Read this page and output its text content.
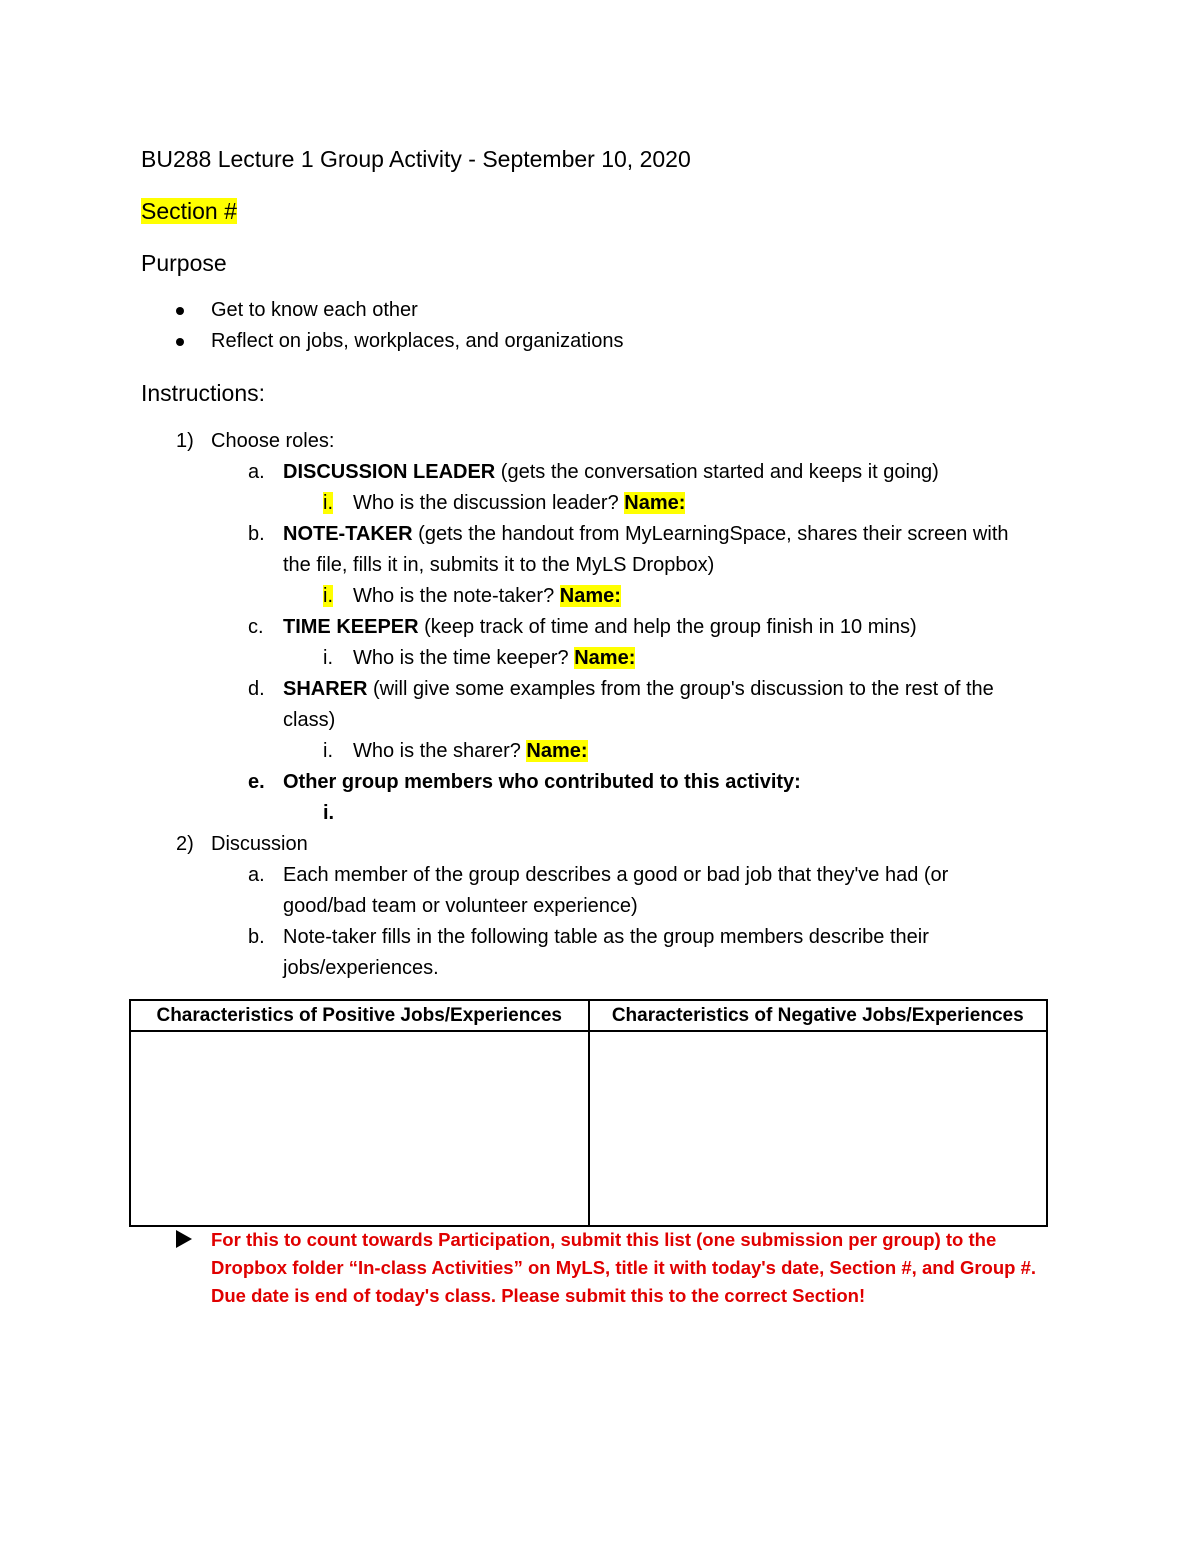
BU288 Lecture 1 Group Activity - September 10, 2020
Section #
Purpose
Get to know each other
Reflect on jobs, workplaces, and organizations
Instructions:
1) Choose roles:
a. DISCUSSION LEADER (gets the conversation started and keeps it going)
i. Who is the discussion leader? Name:
b. NOTE-TAKER (gets the handout from MyLearningSpace, shares their screen with
the file, fills it in, submits it to the MyLS Dropbox)
i. Who is the note-taker? Name:
c. TIME KEEPER (keep track of time and help the group finish in 10 mins)
i. Who is the time keeper? Name:
d. SHARER (will give some examples from the group's discussion to the rest of the
class)
i. Who is the sharer? Name:
e. Other group members who contributed to this activity:
i.
2) Discussion
a. Each member of the group describes a good or bad job that they've had (or
good/bad team or volunteer experience)
b. Note-taker fills in the following table as the group members describe their
jobs/experiences.
Characteristics of Positive Jobs/Experiences	Characteristics of Negative Jobs/Experiences

For this to count towards Participation, submit this list (one submission per group) to the
Dropbox folder “In-class Activities” on MyLS, title it with today's date, Section #, and Group #.
Due date is end of today's class. Please submit this to the correct Section!
